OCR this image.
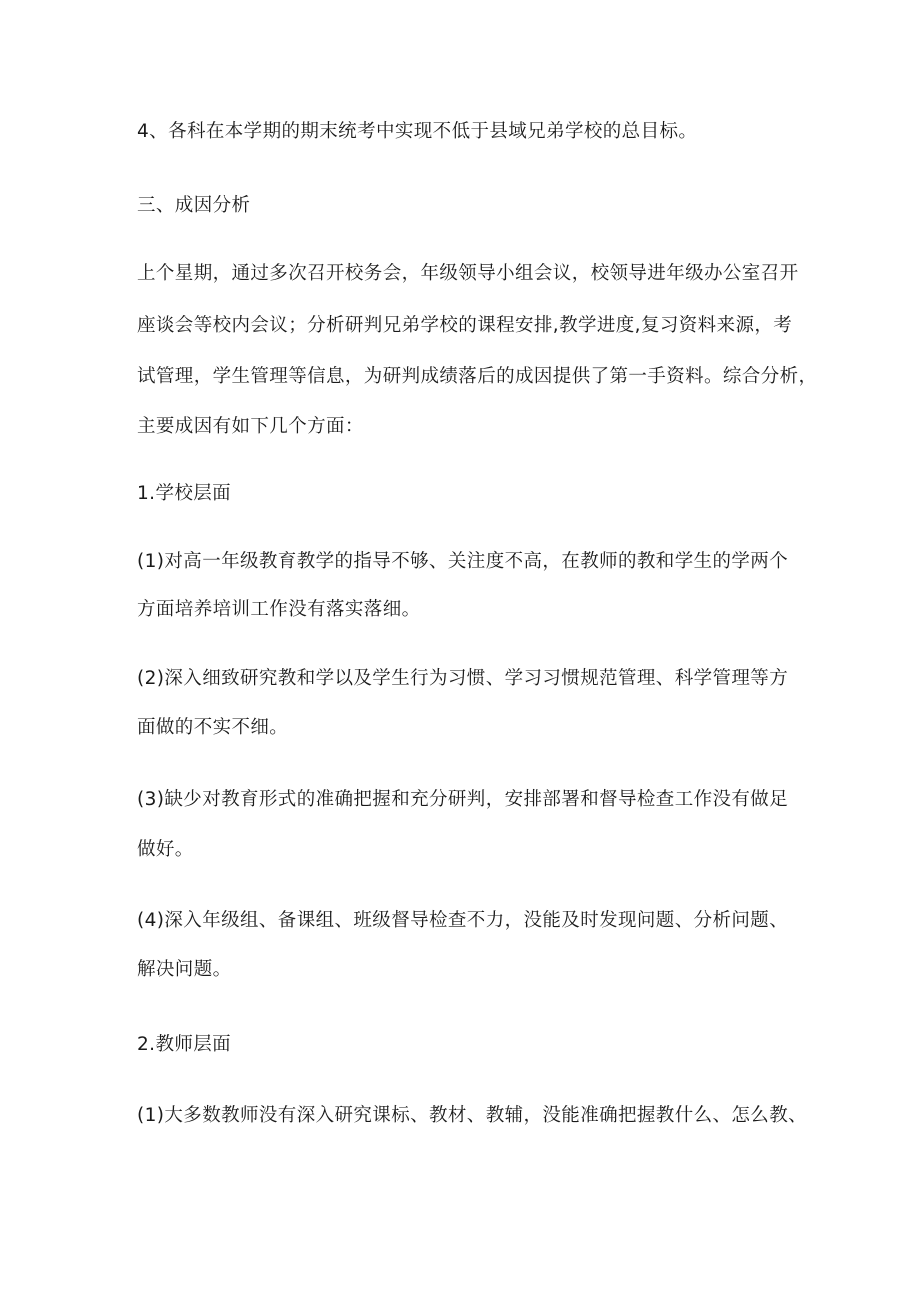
4、各科在本学期的期末统考中实现不低于县域兄弟学校的总目标。
三、成因分析
上个星期，通过多次召开校务会，年级领导小组会议，校领导进年级办公室召开
座谈会等校内会议；分析研判兄弟学校的课程安排,教学进度,复习资料来源，考
试管理，学生管理等信息，为研判成绩落后的成因提供了第一手资料。综合分析，
主要成因有如下几个方面：
1.学校层面
(1)对高一年级教育教学的指导不够、关注度不高，在教师的教和学生的学两个
方面培养培训工作没有落实落细。
(2)深入细致研究教和学以及学生行为习惯、学习习惯规范管理、科学管理等方
面做的不实不细。
(3)缺少对教育形式的准确把握和充分研判，安排部署和督导检查工作没有做足
做好。
(4)深入年级组、备课组、班级督导检查不力，没能及时发现问题、分析问题、
解决问题。
2.教师层面
(1)大多数教师没有深入研究课标、教材、教辅，没能准确把握教什么、怎么教、
